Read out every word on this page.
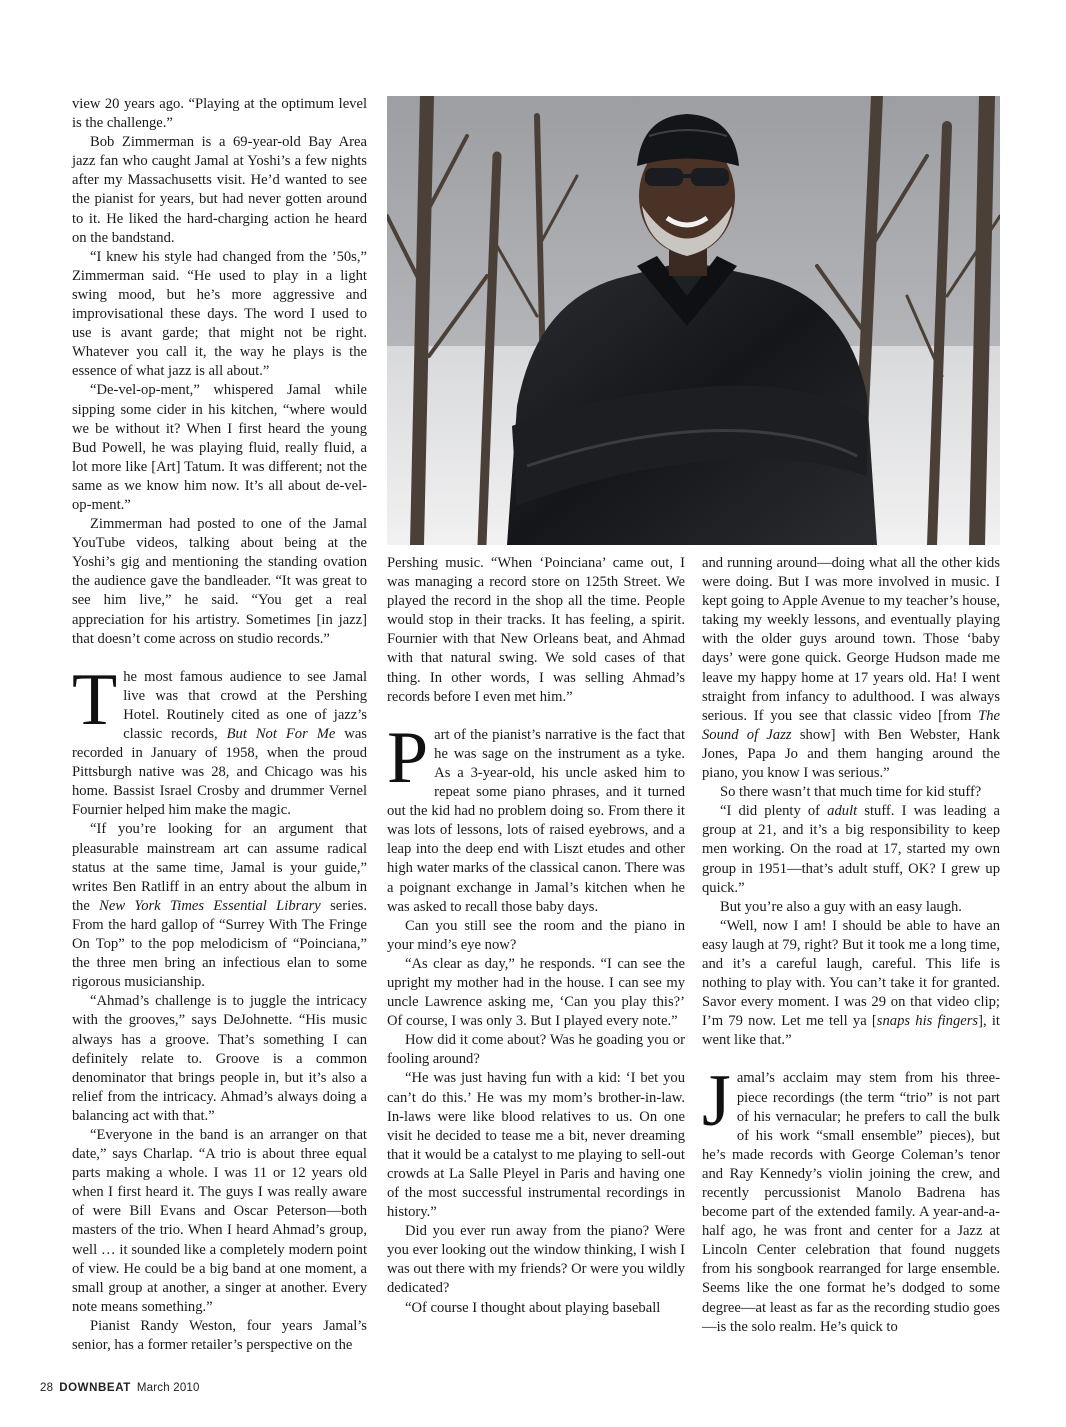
view 20 years ago. “Playing at the optimum level is the challenge.”

Bob Zimmerman is a 69-year-old Bay Area jazz fan who caught Jamal at Yoshi’s a few nights after my Massachusetts visit. He’d wanted to see the pianist for years, but had never gotten around to it. He liked the hard-charging action he heard on the bandstand.

“I knew his style had changed from the ’50s,” Zimmerman said. “He used to play in a light swing mood, but he’s more aggressive and improvisational these days. The word I used to use is avant garde; that might not be right. Whatever you call it, the way he plays is the essence of what jazz is all about.”

“De-vel-op-ment,” whispered Jamal while sipping some cider in his kitchen, “where would we be without it? When I first heard the young Bud Powell, he was playing fluid, really fluid, a lot more like [Art] Tatum. It was different; not the same as we know him now. It’s all about de-vel-op-ment.”

Zimmerman had posted to one of the Jamal YouTube videos, talking about being at the Yoshi’s gig and mentioning the standing ovation the audience gave the bandleader. “It was great to see him live,” he said. “You get a real appreciation for his artistry. Sometimes [in jazz] that doesn’t come across on studio records.”

The most famous audience to see Jamal live was that crowd at the Pershing Hotel. Routinely cited as one of jazz’s classic records, But Not For Me was recorded in January of 1958, when the proud Pittsburgh native was 28, and Chicago was his home. Bassist Israel Crosby and drummer Vernel Fournier helped him make the magic.

“If you’re looking for an argument that pleasurable mainstream art can assume radical status at the same time, Jamal is your guide,” writes Ben Ratliff in an entry about the album in the New York Times Essential Library series. From the hard gallop of “Surrey With The Fringe On Top” to the pop melodicism of “Poinciana,” the three men bring an infectious elan to some rigorous musicianship.

“Ahmad’s challenge is to juggle the intricacy with the grooves,” says DeJohnette. “His music always has a groove. That’s something I can definitely relate to. Groove is a common denominator that brings people in, but it’s also a relief from the intricacy. Ahmad’s always doing a balancing act with that.”

“Everyone in the band is an arranger on that date,” says Charlap. “A trio is about three equal parts making a whole. I was 11 or 12 years old when I first heard it. The guys I was really aware of were Bill Evans and Oscar Peterson—both masters of the trio. When I heard Ahmad’s group, well … it sounded like a completely modern point of view. He could be a big band at one moment, a small group at another, a singer at another. Every note means something.”

Pianist Randy Weston, four years Jamal’s senior, has a former retailer’s perspective on the

Pershing music. “When ‘Poinciana’ came out, I was managing a record store on 125th Street. We played the record in the shop all the time. People would stop in their tracks. It has feeling, a spirit. Fournier with that New Orleans beat, and Ahmad with that natural swing. We sold cases of that thing. In other words, I was selling Ahmad’s records before I even met him.”

Part of the pianist’s narrative is the fact that he was sage on the instrument as a tyke. As a 3-year-old, his uncle asked him to repeat some piano phrases, and it turned out the kid had no problem doing so. From there it was lots of lessons, lots of raised eyebrows, and a leap into the deep end with Liszt etudes and other high water marks of the classical canon. There was a poignant exchange in Jamal’s kitchen when he was asked to recall those baby days.

Can you still see the room and the piano in your mind’s eye now?

“As clear as day,” he responds. “I can see the upright my mother had in the house. I can see my uncle Lawrence asking me, ‘Can you play this?’ Of course, I was only 3. But I played every note.”

How did it come about? Was he goading you or fooling around?

“He was just having fun with a kid: ‘I bet you can’t do this.’ He was my mom’s brother-in-law. In-laws were like blood relatives to us. On one visit he decided to tease me a bit, never dreaming that it would be a catalyst to me playing to sell-out crowds at La Salle Pleyel in Paris and having one of the most successful instrumental recordings in history.”

Did you ever run away from the piano? Were you ever looking out the window thinking, I wish I was out there with my friends? Or were you wildly dedicated?

“Of course I thought about playing baseball

and running around—doing what all the other kids were doing. But I was more involved in music. I kept going to Apple Avenue to my teacher’s house, taking my weekly lessons, and eventually playing with the older guys around town. Those ‘baby days’ were gone quick. George Hudson made me leave my happy home at 17 years old. Ha! I went straight from infancy to adulthood. I was always serious. If you see that classic video [from The Sound of Jazz show] with Ben Webster, Hank Jones, Papa Jo and them hanging around the piano, you know I was serious.”

So there wasn’t that much time for kid stuff?

“I did plenty of adult stuff. I was leading a group at 21, and it’s a big responsibility to keep men working. On the road at 17, started my own group in 1951—that’s adult stuff, OK? I grew up quick.”

But you’re also a guy with an easy laugh.

“Well, now I am! I should be able to have an easy laugh at 79, right? But it took me a long time, and it’s a careful laugh, careful. This life is nothing to play with. You can’t take it for granted. Savor every moment. I was 29 on that video clip; I’m 79 now. Let me tell ya [snaps his fingers], it went like that.”

Jamal’s acclaim may stem from his three-piece recordings (the term “trio” is not part of his vernacular; he prefers to call the bulk of his work “small ensemble” pieces), but he’s made records with George Coleman’s tenor and Ray Kennedy’s violin joining the crew, and recently percussionist Manolo Badrena has become part of the extended family. A year-and-a-half ago, he was front and center for a Jazz at Lincoln Center celebration that found nuggets from his songbook rearranged for large ensemble. Seems like the one format he’s dodged to some degree—at least as far as the recording studio goes—is the solo realm. He’s quick to

28 DOWNBEAT March 2010
